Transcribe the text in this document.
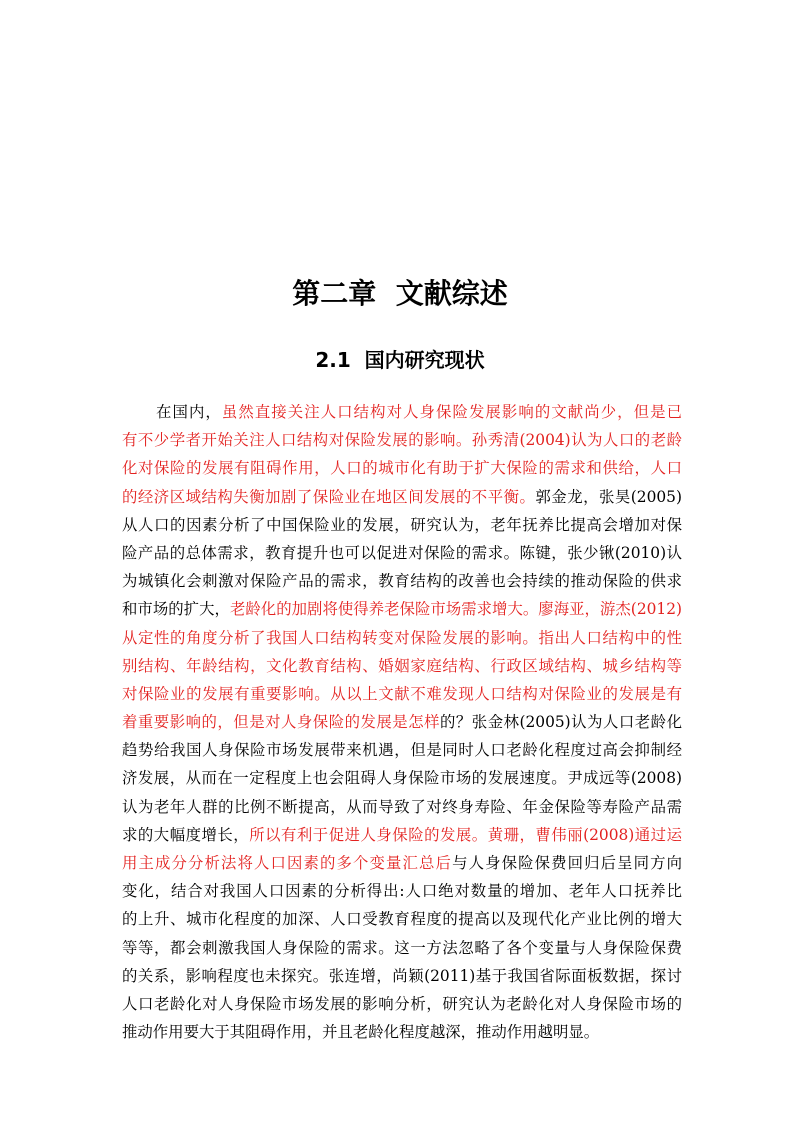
第二章  文献综述
2.1  国内研究现状
在国内，虽然直接关注人口结构对人身保险发展影响的文献尚少，但是已
有不少学者开始关注人口结构对保险发展的影响。孙秀清(2004)认为人口的老龄
化对保险的发展有阻碍作用，人口的城市化有助于扩大保险的需求和供给，人口
的经济区域结构失衡加剧了保险业在地区间发展的不平衡。郭金龙，张昊(2005)
从人口的因素分析了中国保险业的发展，研究认为，老年抚养比提高会增加对保
险产品的总体需求，教育提升也可以促进对保险的需求。陈键，张少锹(2010)认
为城镇化会刺激对保险产品的需求，教育结构的改善也会持续的推动保险的供求
和市场的扩大，老龄化的加剧将使得养老保险市场需求增大。廖海亚，游杰(2012)
从定性的角度分析了我国人口结构转变对保险发展的影响。指出人口结构中的性
别结构、年龄结构，文化教育结构、婚姻家庭结构、行政区域结构、城乡结构等
对保险业的发展有重要影响。从以上文献不难发现人口结构对保险业的发展是有
着重要影响的，但是对人身保险的发展是怎样的？张金林(2005)认为人口老龄化
趋势给我国人身保险市场发展带来机遇，但是同时人口老龄化程度过高会抑制经
济发展，从而在一定程度上也会阻碍人身保险市场的发展速度。尹成远等(2008)
认为老年人群的比例不断提高，从而导致了对终身寿险、年金保险等寿险产品需
求的大幅度增长，所以有利于促进人身保险的发展。黄珊，曹伟丽(2008)通过运
用主成分分析法将人口因素的多个变量汇总后与人身保险保费回归后呈同方向
变化，结合对我国人口因素的分析得出:人口绝对数量的增加、老年人口抚养比
的上升、城市化程度的加深、人口受教育程度的提高以及现代化产业比例的增大
等等，都会刺激我国人身保险的需求。这一方法忽略了各个变量与人身保险保费
的关系，影响程度也未探究。张连增，尚颖(2011)基于我国省际面板数据，探讨
人口老龄化对人身保险市场发展的影响分析，研究认为老龄化对人身保险市场的
推动作用要大于其阻碍作用，并且老龄化程度越深，推动作用越明显。
